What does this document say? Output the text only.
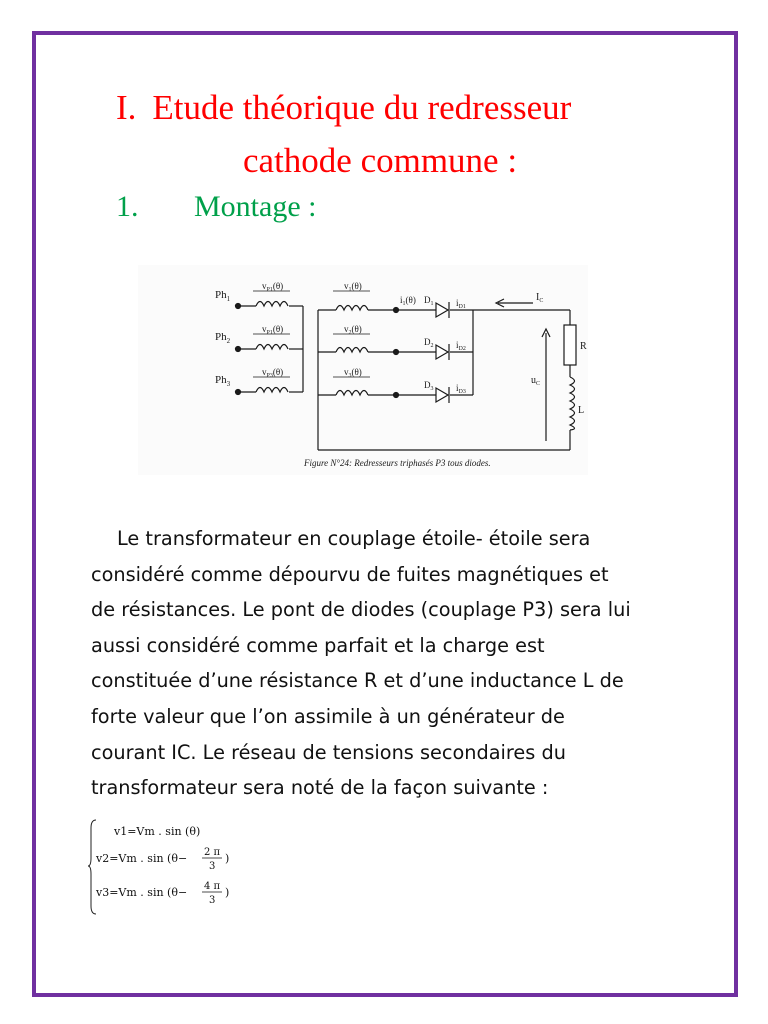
I. Etude théorique du redresseur
cathode commune :
1. Montage :
$Ph_1$
$Ph_2$
$Ph_3$
$v_{P1}(\theta)$
$v_{P1}(\theta)$
$v_{P3}(\theta)$
$v_1(\theta)$
$v_2(\theta)$
$v_3(\theta)$
$i_1(\theta)$ $D_1$
$D_2$
$D_3$
$i_{D1}$
$i_{D2}$
$i_{D3}$
$I_C$
R
L
$u_C$
Figure N°24: Redresseurs triphasés P3 tous diodes.
Le transformateur en couplage étoile- étoile sera
considéré comme dépourvu de fuites magnétiques et
de résistances. Le pont de diodes (couplage P3) sera lui
aussi considéré comme parfait et la charge est
constituée d’une résistance R et d’une inductance L de
forte valeur que l’on assimile à un générateur de
courant IC. Le réseau de tensions secondaires du
transformateur sera noté de la façon suivante :
v1=Vm . sin (θ)
v2=Vm . sin (θ− 2 π
3
)
v3=Vm . sin (θ− 4 π
3
)
